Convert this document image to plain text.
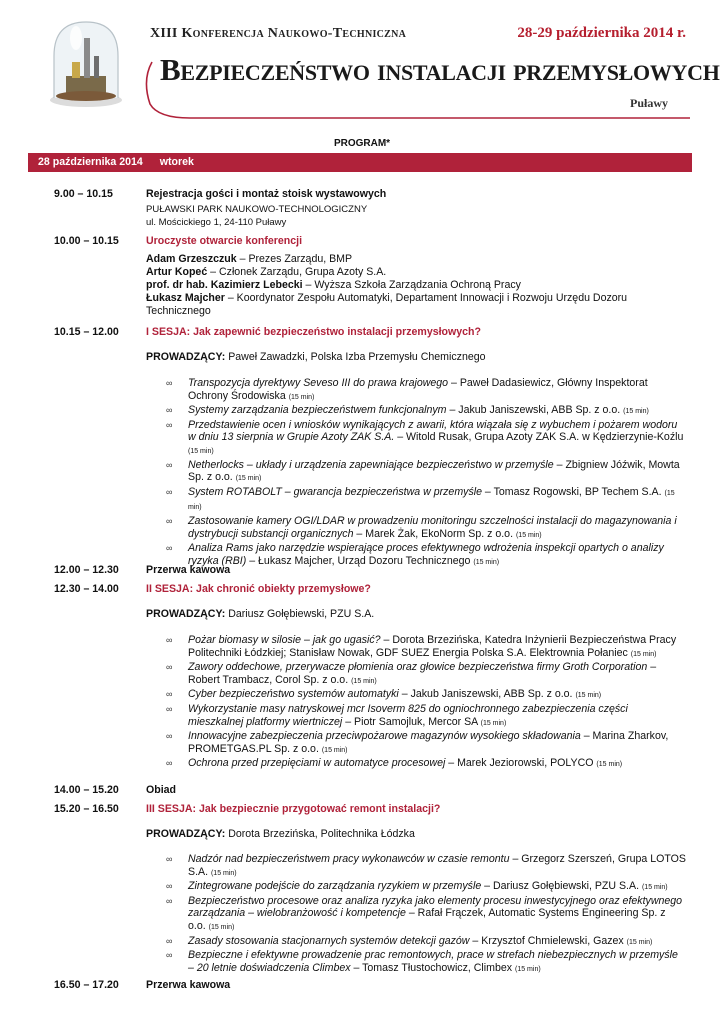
XIII Konferencja Naukowo-Techniczna	28-29 października 2014 r.
Bezpieczeństwo instalacji przemysłowych
Puławy
PROGRAM*
28 października 2014 wtorek
9.00 – 10.15	Rejestracja gości i montaż stoisk wystawowych
PUŁAWSKI PARK NAUKOWO-TECHNOLOGICZNY
ul. Mościckiego 1, 24-110 Puławy
10.00 – 10.15	Uroczyste otwarcie konferencji
Adam Grzeszczuk – Prezes Zarządu, BMP
Artur Kopeć – Członek Zarządu, Grupa Azoty S.A.
prof. dr hab. Kazimierz Lebecki – Wyższa Szkoła Zarządzania Ochroną Pracy
Łukasz Majcher – Koordynator Zespołu Automatyki, Departament Innowacji i Rozwoju Urzędu Dozoru Technicznego
10.15 – 12.00	I SESJA: Jak zapewnić bezpieczeństwo instalacji przemysłowych?
PROWADZĄCY: Paweł Zawadzki, Polska Izba Przemysłu Chemicznego
∞ Transpozycja dyrektywy Seveso III do prawa krajowego – Paweł Dadasiewicz, Główny Inspektorat Ochrony Środowiska (15 min)
∞ Systemy zarządzania bezpieczeństwem funkcjonalnym – Jakub Janiszewski, ABB Sp. z o.o. (15 min)
∞ Przedstawienie ocen i wniosków wynikających z awarii, która wiązała się z wybuchem i pożarem wodoru w dniu 13 sierpnia w Grupie Azoty ZAK S.A. – Witold Rusak, Grupa Azoty ZAK S.A. w Kędzierzynie-Koźlu (15 min)
∞ Netherlocks – układy i urządzenia zapewniające bezpieczeństwo w przemyśle – Zbigniew Jóźwik, Mowta Sp. z o.o. (15 min)
∞ System ROTABOLT – gwarancja bezpieczeństwa w przemyśle – Tomasz Rogowski, BP Techem S.A. (15 min)
∞ Zastosowanie kamery OGI/LDAR w prowadzeniu monitoringu szczelności instalacji do magazynowania i dystrybucji substancji organicznych – Marek Żak, EkoNorm Sp. z o.o. (15 min)
∞ Analiza Rams jako narzędzie wspierające proces efektywnego wdrożenia inspekcji opartych o analizy ryzyka (RBI) – Łukasz Majcher, Urząd Dozoru Technicznego (15 min)
12.00 – 12.30	Przerwa kawowa
12.30 – 14.00	II SESJA: Jak chronić obiekty przemysłowe?
PROWADZĄCY: Dariusz Gołębiewski, PZU S.A.
∞ Pożar biomasy w silosie – jak go ugasić? – Dorota Brzezińska, Katedra Inżynierii Bezpieczeństwa Pracy Politechniki Łódzkiej; Stanisław Nowak, GDF SUEZ Energia Polska S.A. Elektrownia Połaniec (15 min)
∞ Zawory oddechowe, przerywacze płomienia oraz głowice bezpieczeństwa firmy Groth Corporation – Robert Trambacz, Corol Sp. z o.o. (15 min)
∞ Cyber bezpieczeństwo systemów automatyki – Jakub Janiszewski, ABB Sp. z o.o. (15 min)
∞ Wykorzystanie masy natryskowej mcr Isoverm 825 do ogniochronnego zabezpieczenia części mieszkalnej platformy wiertniczej – Piotr Samojluk, Mercor SA (15 min)
∞ Innowacyjne zabezpieczenia przeciwpożarowe magazynów wysokiego składowania – Marina Zharkov, PROMETGAS.PL Sp. z o.o. (15 min)
∞ Ochrona przed przepięciami w automatyce procesowej – Marek Jeziorowski, POLYCO (15 min)
14.00 – 15.20	Obiad
15.20 – 16.50	III SESJA: Jak bezpiecznie przygotować remont instalacji?
PROWADZĄCY: Dorota Brzezińska, Politechnika Łódzka
∞ Nadzór nad bezpieczeństwem pracy wykonawców w czasie remontu – Grzegorz Szerszeń, Grupa LOTOS S.A. (15 min)
∞ Zintegrowane podejście do zarządzania ryzykiem w przemyśle – Dariusz Gołębiewski, PZU S.A. (15 min)
∞ Bezpieczeństwo procesowe oraz analiza ryzyka jako elementy procesu inwestycyjnego oraz efektywnego zarządzania – wielobranżowość i kompetencje – Rafał Frączek, Automatic Systems Engineering Sp. z o.o. (15 min)
∞ Zasady stosowania stacjonarnych systemów detekcji gazów – Krzysztof Chmielewski, Gazex (15 min)
∞ Bezpieczne i efektywne prowadzenie prac remontowych, prace w strefach niebezpiecznych w przemyśle – 20 letnie doświadczenia Climbex – Tomasz Tłustochowicz, Climbex (15 min)
16.50 – 17.20	Przerwa kawowa
